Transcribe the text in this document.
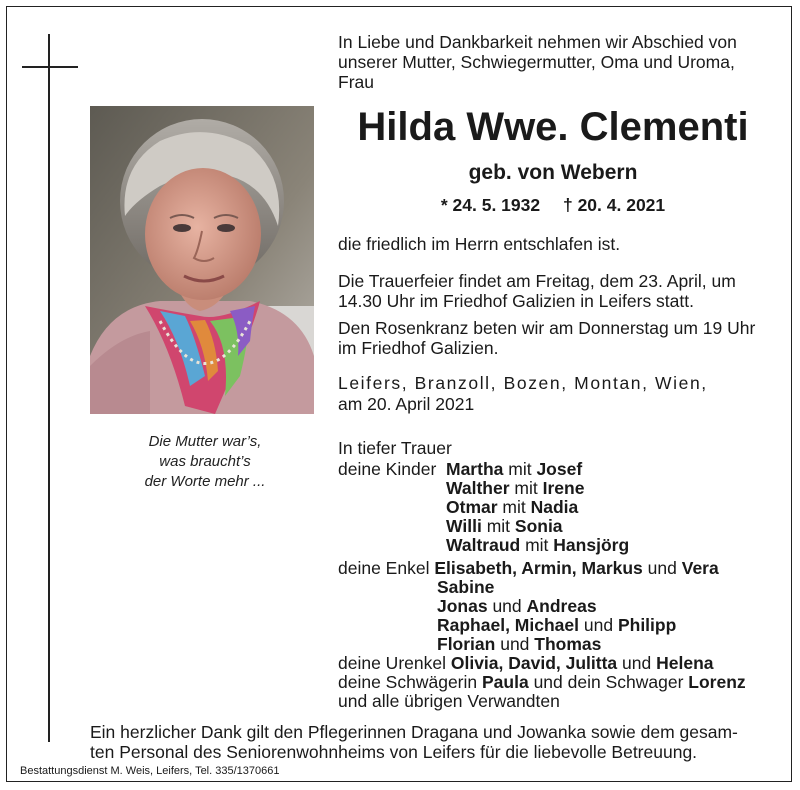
Die Mutter war’s,
was braucht’s
der Worte mehr ...
In Liebe und Dankbarkeit nehmen wir Abschied von
unserer Mutter, Schwiegermutter, Oma und Uroma,
Frau
Hilda Wwe. Clementi
geb. von Webern
* 24. 5. 1932 † 20. 4. 2021
die friedlich im Herrn entschlafen ist.
Die Trauerfeier findet am Freitag, dem 23. April, um
14.30 Uhr im Friedhof Galizien in Leifers statt.
Den Rosenkranz beten wir am Donnerstag um 19 Uhr
im Friedhof Galizien.
Leifers, Branzoll, Bozen, Montan, Wien,
am 20. April 2021
In tiefer Trauer
deine Kinder Martha mit Josef
Walther mit Irene
Otmar mit Nadia
Willi mit Sonia
Waltraud mit Hansjörg
deine Enkel Elisabeth, Armin, Markus und Vera
Sabine
Jonas und Andreas
Raphael, Michael und Philipp
Florian und Thomas
deine Urenkel Olivia, David, Julitta und Helena
deine Schwägerin Paula und dein Schwager Lorenz
und alle übrigen Verwandten
Ein herzlicher Dank gilt den Pflegerinnen Dragana und Jowanka sowie dem gesam-
ten Personal des Seniorenwohnheims von Leifers für die liebevolle Betreuung.
Bestattungsdienst M. Weis, Leifers, Tel. 335/1370661
